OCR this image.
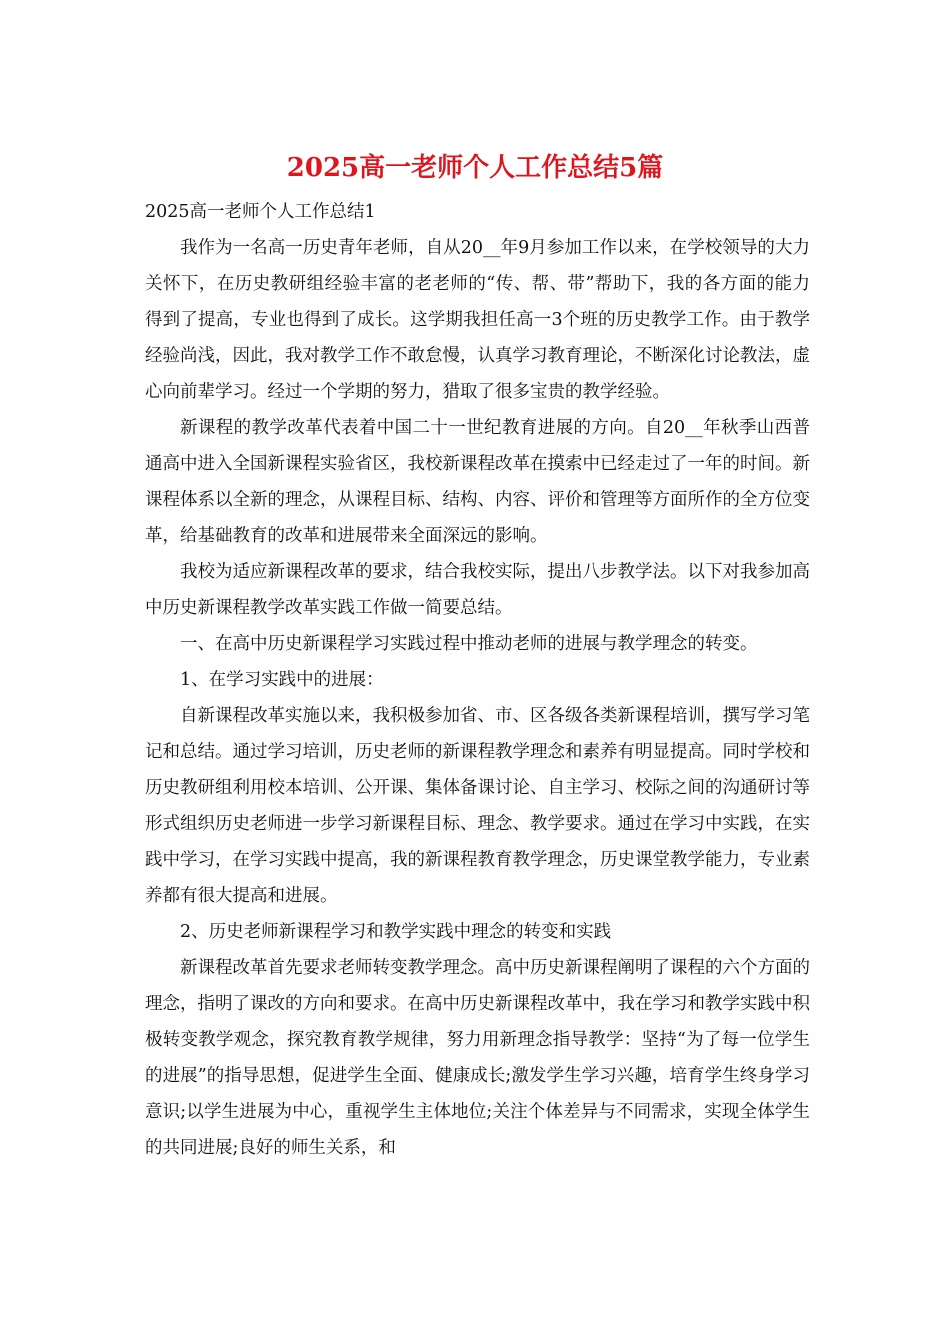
2025高一老师个人工作总结5篇

2025高一老师个人工作总结1

我作为一名高一历史青年老师，自从20__年9月参加工作以来，在学校领导的大力关怀下，在历史教研组经验丰富的老老师的“传、帮、带”帮助下，我的各方面的能力得到了提高，专业也得到了成长。这学期我担任高一3个班的历史教学工作。由于教学经验尚浅，因此，我对教学工作不敢怠慢，认真学习教育理论，不断深化讨论教法，虚心向前辈学习。经过一个学期的努力，猎取了很多宝贵的教学经验。

新课程的教学改革代表着中国二十一世纪教育进展的方向。自20__年秋季山西普通高中进入全国新课程实验省区，我校新课程改革在摸索中已经走过了一年的时间。新课程体系以全新的理念，从课程目标、结构、内容、评价和管理等方面所作的全方位变革，给基础教育的改革和进展带来全面深远的影响。

我校为适应新课程改革的要求，结合我校实际，提出八步教学法。以下对我参加高中历史新课程教学改革实践工作做一简要总结。

一、在高中历史新课程学习实践过程中推动老师的进展与教学理念的转变。

1、在学习实践中的进展：

自新课程改革实施以来，我积极参加省、市、区各级各类新课程培训，撰写学习笔记和总结。通过学习培训，历史老师的新课程教学理念和素养有明显提高。同时学校和历史教研组利用校本培训、公开课、集体备课讨论、自主学习、校际之间的沟通研讨等形式组织历史老师进一步学习新课程目标、理念、教学要求。通过在学习中实践，在实践中学习，在学习实践中提高，我的新课程教育教学理念，历史课堂教学能力，专业素养都有很大提高和进展。

2、历史老师新课程学习和教学实践中理念的转变和实践

新课程改革首先要求老师转变教学理念。高中历史新课程阐明了课程的六个方面的理念，指明了课改的方向和要求。在高中历史新课程改革中，我在学习和教学实践中积极转变教学观念，探究教育教学规律，努力用新理念指导教学：坚持“为了每一位学生的进展”的指导思想，促进学生全面、健康成长;激发学生学习兴趣，培育学生终身学习意识;以学生进展为中心，重视学生主体地位;关注个体差异与不同需求，实现全体学生的共同进展;良好的师生关系，和
